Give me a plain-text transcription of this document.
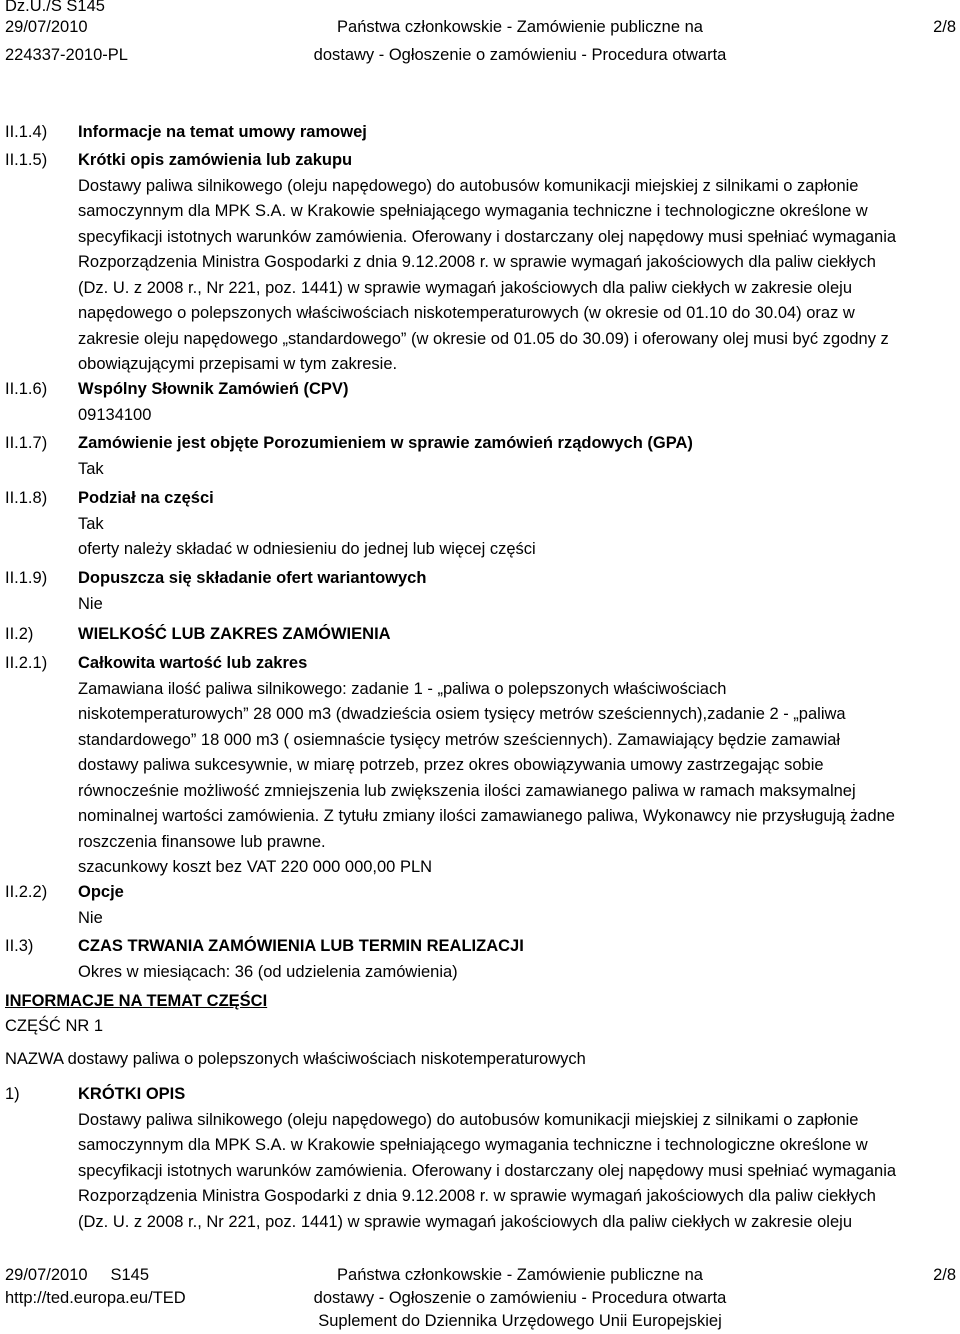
Dz.U./S S145
29/07/2010
224337-2010-PL
Państwa członkowskie - Zamówienie publiczne na
dostawy - Ogłoszenie o zamówieniu - Procedura otwarta
2/8
II.1.4)
II.1.5)
II.1.6)
II.1.7)
II.1.8)
II.1.9)
II.2)
II.2.1)
II.2.2)
II.3)
Informacje na temat umowy ramowej
Krótki opis zamówienia lub zakupu
Dostawy paliwa silnikowego (oleju napędowego) do autobusów komunikacji miejskiej z silnikami o zapłonie
samoczynnym dla MPK S.A. w Krakowie spełniającego wymagania techniczne i technologiczne określone w
specyfikacji istotnych warunków zamówienia. Oferowany i dostarczany olej napędowy musi spełniać wymagania
Rozporządzenia Ministra Gospodarki z dnia 9.12.2008 r. w sprawie wymagań jakościowych dla paliw ciekłych
(Dz. U. z 2008 r., Nr 221, poz. 1441) w sprawie wymagań jakościowych dla paliw ciekłych w zakresie oleju
napędowego o polepszonych właściwościach niskotemperaturowych (w okresie od 01.10 do 30.04) oraz w
zakresie oleju napędowego „standardowego” (w okresie od 01.05 do 30.09) i oferowany olej musi być zgodny z
obowiązującymi przepisami w tym zakresie.
Wspólny Słownik Zamówień (CPV)
09134100
Zamówienie jest objęte Porozumieniem w sprawie zamówień rządowych (GPA)
Tak
Podział na części
Tak
oferty należy składać w odniesieniu do jednej lub więcej części
Dopuszcza się składanie ofert wariantowych
Nie
WIELKOŚĆ LUB ZAKRES ZAMÓWIENIA
Całkowita wartość lub zakres
Zamawiana ilość paliwa silnikowego: zadanie 1 - „paliwa o polepszonych właściwościach
niskotemperaturowych” 28 000 m3 (dwadzieścia osiem tysięcy metrów sześciennych),zadanie 2 - „paliwa
standardowego” 18 000 m3 ( osiemnaście tysięcy metrów sześciennych). Zamawiający będzie zamawiał
dostawy paliwa sukcesywnie, w miarę potrzeb, przez okres obowiązywania umowy zastrzegając sobie
równocześnie możliwość zmniejszenia lub zwiększenia ilości zamawianego paliwa w ramach maksymalnej
nominalnej wartości zamówienia. Z tytułu zmiany ilości zamawianego paliwa, Wykonawcy nie przysługują żadne
roszczenia finansowe lub prawne.
szacunkowy koszt bez VAT 220 000 000,00 PLN
Opcje
Nie
CZAS TRWANIA ZAMÓWIENIA LUB TERMIN REALIZACJI
Okres w miesiącach: 36 (od udzielenia zamówienia)
INFORMACJE NA TEMAT CZĘŚCI
CZĘŚĆ NR 1
NAZWA dostawy paliwa o polepszonych właściwościach niskotemperaturowych
1)	KRÓTKI OPIS
Dostawy paliwa silnikowego (oleju napędowego) do autobusów komunikacji miejskiej z silnikami o zapłonie
samoczynnym dla MPK S.A. w Krakowie spełniającego wymagania techniczne i technologiczne określone w
specyfikacji istotnych warunków zamówienia. Oferowany i dostarczany olej napędowy musi spełniać wymagania
Rozporządzenia Ministra Gospodarki z dnia 9.12.2008 r. w sprawie wymagań jakościowych dla paliw ciekłych
(Dz. U. z 2008 r., Nr 221, poz. 1441) w sprawie wymagań jakościowych dla paliw ciekłych w zakresie oleju
29/07/2010     S145
http://ted.europa.eu/TED
Państwa członkowskie - Zamówienie publiczne na
dostawy - Ogłoszenie o zamówieniu - Procedura otwarta
Suplement do Dziennika Urzędowego Unii Europejskiej
2/8
